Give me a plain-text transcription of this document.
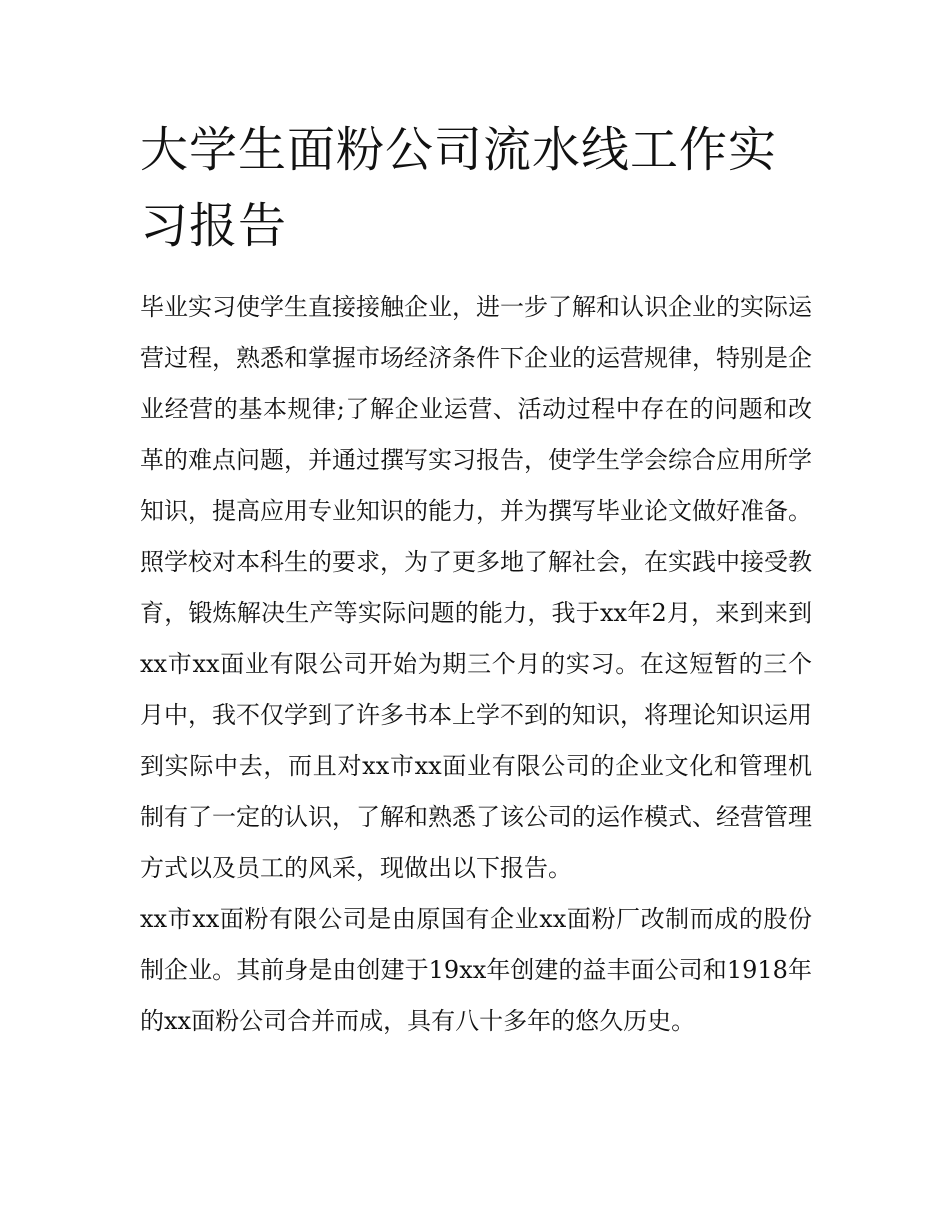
大学生面粉公司流水线工作实习报告

毕业实习使学生直接接触企业，进一步了解和认识企业的实际运营过程，熟悉和掌握市场经济条件下企业的运营规律，特别是企业经营的基本规律;了解企业运营、活动过程中存在的问题和改革的难点问题，并通过撰写实习报告，使学生学会综合应用所学知识，提高应用专业知识的能力，并为撰写毕业论文做好准备。照学校对本科生的要求，为了更多地了解社会，在实践中接受教育，锻炼解决生产等实际问题的能力，我于xx年2月，来到来到xx市xx面业有限公司开始为期三个月的实习。在这短暂的三个月中，我不仅学到了许多书本上学不到的知识，将理论知识运用到实际中去，而且对xx市xx面业有限公司的企业文化和管理机制有了一定的认识，了解和熟悉了该公司的运作模式、经营管理方式以及员工的风采，现做出以下报告。

xx市xx面粉有限公司是由原国有企业xx面粉厂改制而成的股份制企业。其前身是由创建于19xx年创建的益丰面公司和1918年的xx面粉公司合并而成，具有八十多年的悠久历史。
